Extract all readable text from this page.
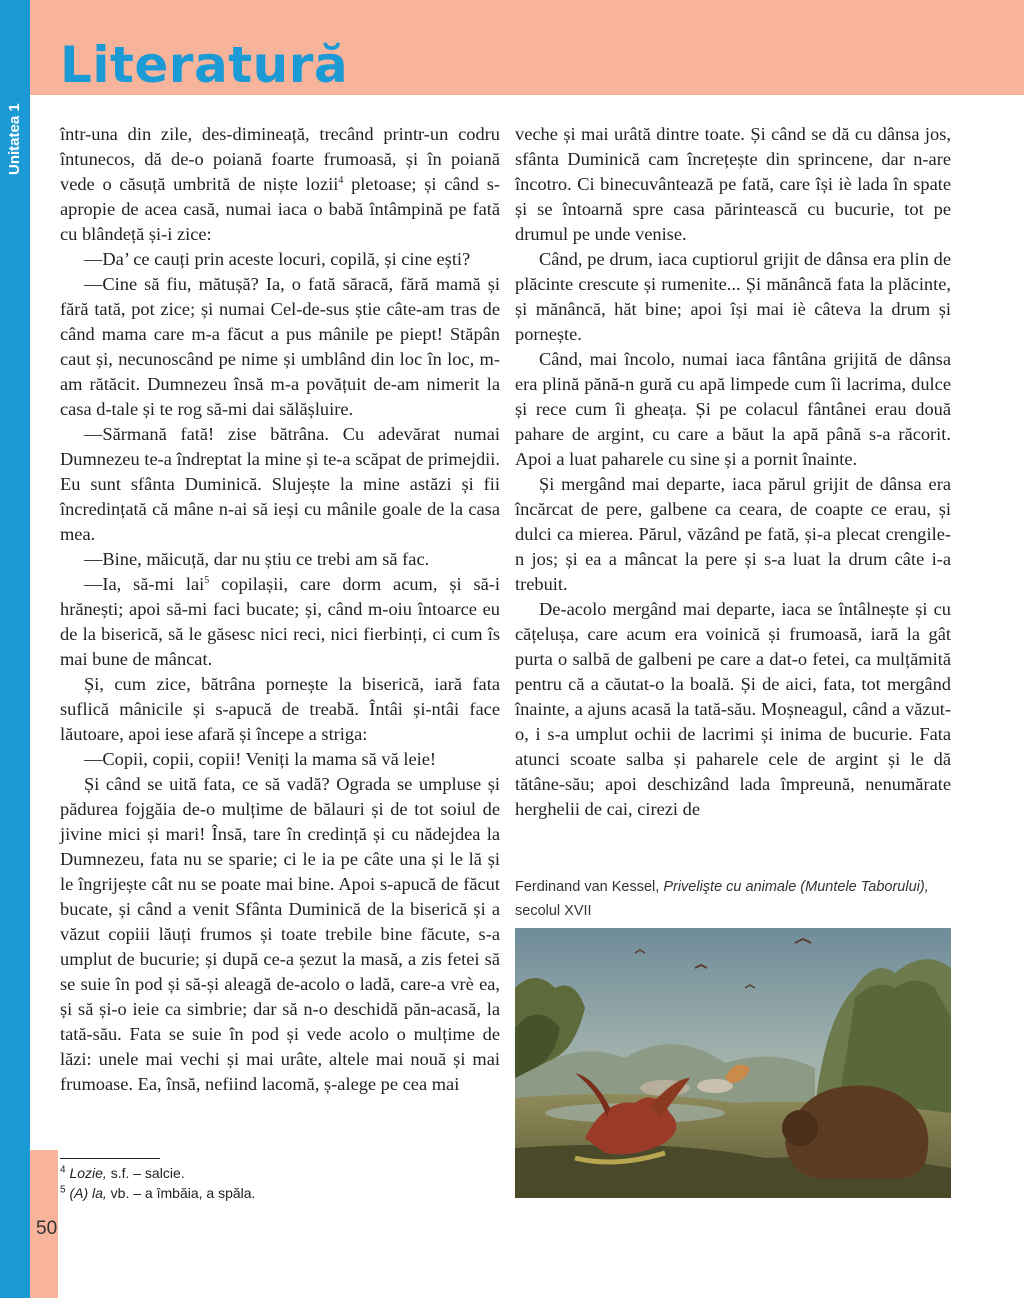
Unitatea 1
Literatură

într-una din zile, des-dimineață, trecând printr-un codru întunecos, dă de-o poiană foarte frumoasă, și în poiană vede o căsuță umbrită de niște lozii$^4$ pletoase; și când s-apropie de acea casă, numai iaca o babă întâmpină pe fată cu blândeță și-i zice:

—Da’ ce cauți prin aceste locuri, copilă, și cine ești?

—Cine să fiu, mătușă? Ia, o fată săracă, fără mamă și fără tată, pot zice; și numai Cel-de-sus știe câte-am tras de când mama care m-a făcut a pus mânile pe piept! Stăpân caut și, necunoscând pe nime și umblând din loc în loc, m-am rătăcit. Dumnezeu însă m-a povățuit de-am nimerit la casa d-tale și te rog să-mi dai sălășluire.

—Sărmană fată! zise bătrâna. Cu adevărat numai Dumnezeu te-a îndreptat la mine și te-a scăpat de primejdii. Eu sunt sfânta Duminică. Slujește la mine astăzi și fii încredințată că mâne n-ai să ieși cu mânile goale de la casa mea.

—Bine, măicuță, dar nu știu ce trebi am să fac.

—Ia, să-mi lai$^5$ copilașii, care dorm acum, și să-i hrănești; apoi să-mi faci bucate; și, când m-oiu întoarce eu de la biserică, să le găsesc nici reci, nici fierbinți, ci cum îs mai bune de mâncat.

Și, cum zice, bătrâna pornește la biserică, iară fata suflică mânicile și s-apucă de treabă. Întâi și-ntâi face lăutoare, apoi iese afară și începe a striga:

—Copii, copii, copii! Veniți la mama să vă leie!

Și când se uită fata, ce să vadă? Ograda se umpluse și pădurea fojgăia de-o mulțime de bălauri și de tot soiul de jivine mici și mari! Însă, tare în credință și cu nădejdea la Dumnezeu, fata nu se sparie; ci le ia pe câte una și le lă și le îngrijește cât nu se poate mai bine. Apoi s-apucă de făcut bucate, și când a venit Sfânta Duminică de la biserică și a văzut copiii lăuți frumos și toate trebile bine făcute, s-a umplut de bucurie; și după ce-a șezut la masă, a zis fetei să se suie în pod și să-și aleagă de-acolo o ladă, care-a vrè ea, și să și-o ieie ca simbrie; dar să n-o deschidă păn-acasă, la tată-său. Fata se suie în pod și vede acolo o mulțime de lăzi: unele mai vechi și mai urâte, altele mai nouă și mai frumoase. Ea, însă, nefiind lacomă, ș-alege pe cea mai

veche și mai urâtă dintre toate. Și când se dă cu dânsa jos, sfânta Duminică cam încrețește din sprincene, dar n-are încotro. Ci binecuvântează pe fată, care își iè lada în spate și se întoarnă spre casa părintească cu bucurie, tot pe drumul pe unde venise.

Când, pe drum, iaca cuptiorul grijit de dânsa era plin de plăcinte crescute și rumenite... Și mănâncă fata la plăcinte, și mănâncă, hăt bine; apoi își mai iè câteva la drum și pornește.

Când, mai încolo, numai iaca fântâna grijită de dânsa era plină pănă-n gură cu apă limpede cum îi lacrima, dulce și rece cum îi gheața. Și pe colacul fântânei erau două pahare de argint, cu care a băut la apă până s-a răcorit. Apoi a luat paharele cu sine și a pornit înainte.

Și mergând mai departe, iaca părul grijit de dânsa era încărcat de pere, galbene ca ceara, de coapte ce erau, și dulci ca mierea. Părul, văzând pe fată, și-a plecat crengile-n jos; și ea a mâncat la pere și s-a luat la drum câte i-a trebuit.

De-acolo mergând mai departe, iaca se întâlnește și cu cățelușa, care acum era voinică și frumoasă, iară la gât purta o salbă de galbeni pe care a dat-o fetei, ca mulțămită pentru că a căutat-o la boală. Și de aici, fata, tot mergând înainte, a ajuns acasă la tată-său. Moșneagul, când a văzut-o, i s-a umplut ochii de lacrimi și inima de bucurie. Fata atunci scoate salba și paharele cele de argint și le dă tătâne-său; apoi deschizând lada împreună, nenumărate herghelii de cai, cirezi de

Ferdinand van Kessel, Privelişte cu animale (Muntele Taborului), secolul XVII
$^4$ Lozie, s.f. – salcie.
$^5$ (A) la, vb. – a îmbăia, a spăla.
50
